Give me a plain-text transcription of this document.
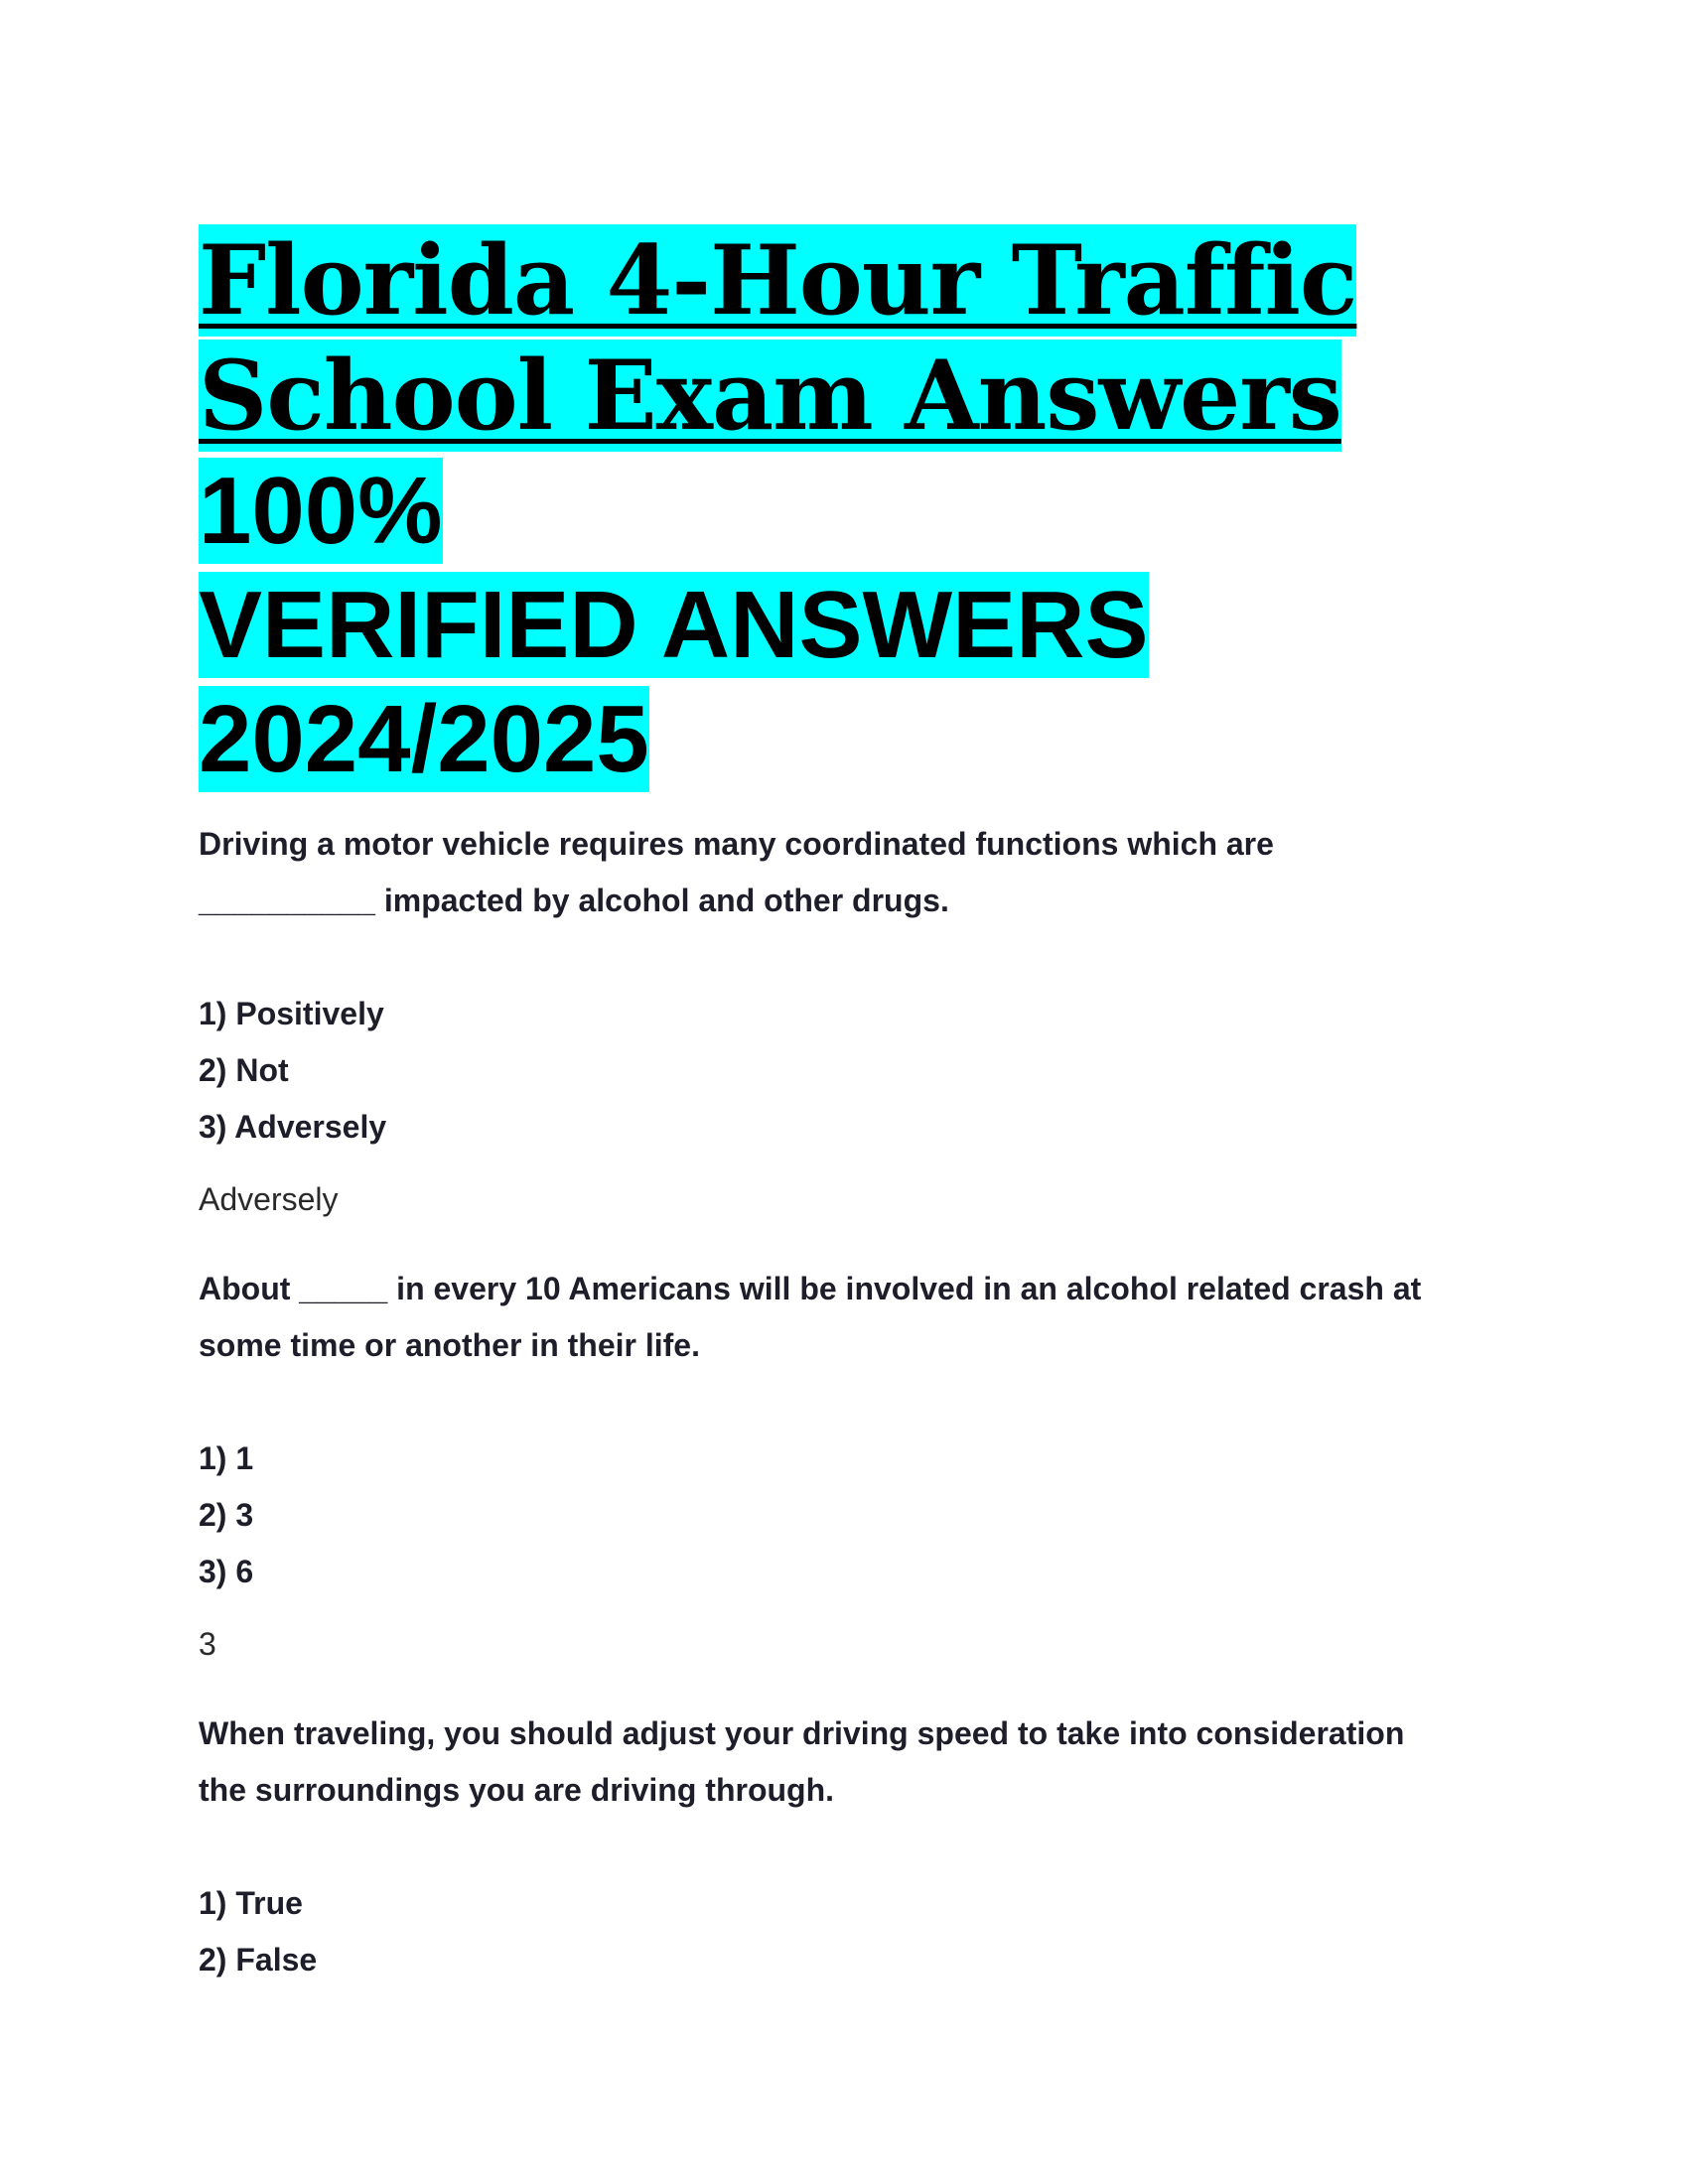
Florida 4-Hour Traffic
School Exam Answers 100%
VERIFIED ANSWERS
2024/2025

Driving a motor vehicle requires many coordinated functions which are
__________ impacted by alcohol and other drugs.

1) Positively
2) Not
3) Adversely

Adversely

About _____ in every 10 Americans will be involved in an alcohol related crash at
some time or another in their life.

1) 1
2) 3
3) 6

3

When traveling, you should adjust your driving speed to take into consideration
the surroundings you are driving through.

1) True
2) False
